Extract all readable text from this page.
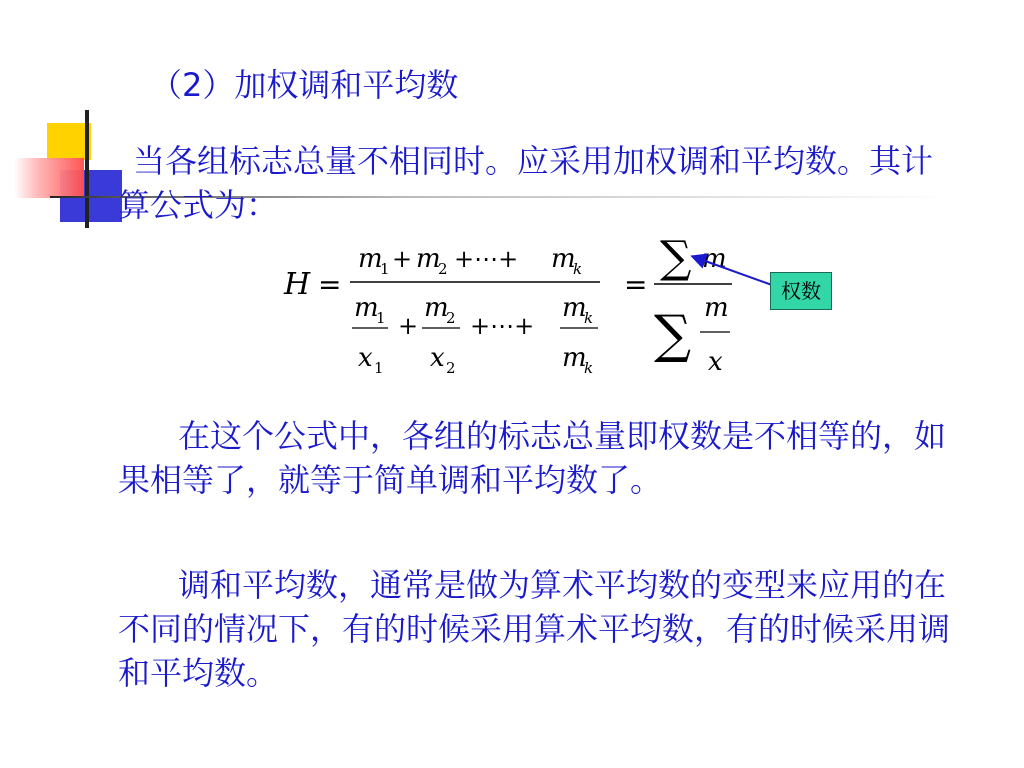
（2）加权调和平均数

当各组标志总量不相同时。应采用加权调和平均数。其计算公式为：

H =
m
1 + m
2 +⋯+ m
k
m
1
x 1
+
m
2
x 2
+⋯+
m
k
m
k
=
∑ m
∑ m
x
权数

在这个公式中，各组的标志总量即权数是不相等的，如果相等了，就等于简单调和平均数了。

调和平均数，通常是做为算术平均数的变型来应用的在不同的情况下，有的时候采用算术平均数，有的时候采用调和平均数。
